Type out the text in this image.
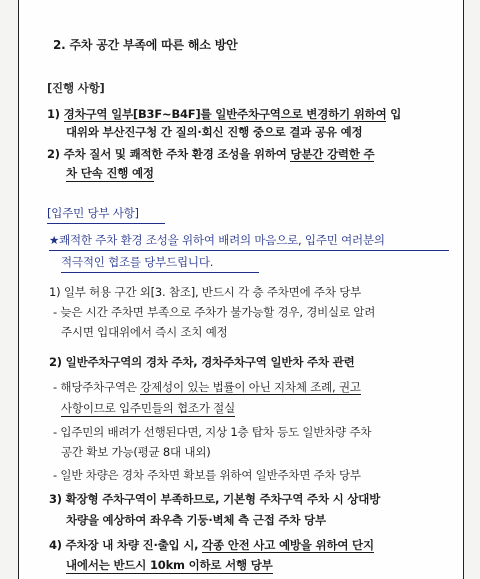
2. 주차 공간 부족에 따른 해소 방안
[진행 사항]
1) 경차구역 일부[B3F~B4F]를 일반주차구역으로 변경하기 위하여 입
대위와 부산진구청 간 질의·회신 진행 중으로 결과 공유 예정
2) 주차 질서 및 쾌적한 주차 환경 조성을 위하여 당분간 강력한 주
차 단속 진행 예정
[입주민 당부 사항]
★쾌적한 주차 환경 조성을 위하여 배려의 마음으로, 입주민 여러분의
적극적인 협조를 당부드립니다.
1) 일부 허용 구간 외[3. 참조], 반드시 각 층 주차면에 주차 당부
- 늦은 시간 주차면 부족으로 주차가 불가능할 경우, 경비실로 알려
주시면 입대위에서 즉시 조치 예정
2) 일반주차구역의 경차 주차, 경차주차구역 일반차 주차 관련
- 해당주차구역은 강제성이 있는 법률이 아닌 지차체 조례, 권고
사항이므로 입주민들의 협조가 절실
- 입주민의 배려가 선행된다면, 지상 1층 탑차 등도 일반차량 주차
공간 확보 가능(평균 8대 내외)
- 일반 차량은 경차 주차면 확보를 위하여 일반주차면 주차 당부
3) 확장형 주차구역이 부족하므로, 기본형 주차구역 주차 시 상대방
차량을 예상하여 좌우측 기둥·벽체 측 근접 주차 당부
4) 주차장 내 차량 진·출입 시, 각종 안전 사고 예방을 위하여 단지
내에서는 반드시 10km 이하로 서행 당부
